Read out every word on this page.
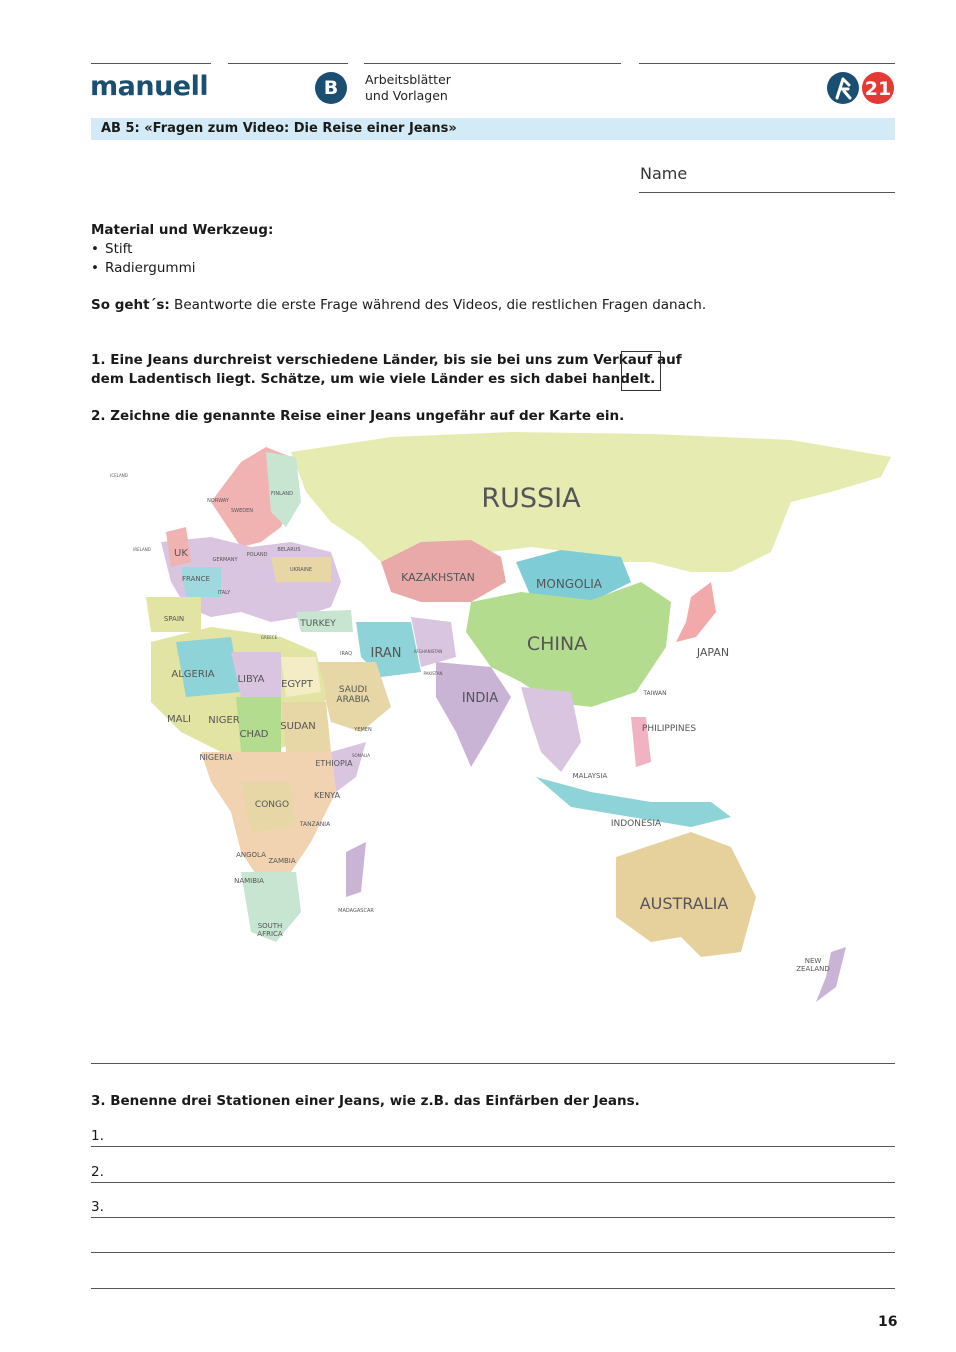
manuell	B	Arbeitsblätter
und Vorlagen	21
AB 5: «Fragen zum Video: Die Reise einer Jeans»
Name
Material und Werkzeug:
• Stift
• Radiergummi
So geht´s: Beantworte die erste Frage während des Videos, die restlichen Fragen danach.
1. Eine Jeans durchreist verschiedene Länder, bis sie bei uns zum Verkauf auf
dem Ladentisch liegt. Schätze, um wie viele Länder es sich dabei handelt.
2. Zeichne die genannte Reise einer Jeans ungefähr auf der Karte ein.
RUSSIA
KAZAKHSTAN	MONGOLIA
CHINA	JAPAN
IRAN
INDIA
TURKEY
SAUDI
ARABIA
EGYPT
LIBYA
ALGERIA
MALI NIGER
CHAD
SUDAN
NIGERIA
ETHIOPIA
KENYA
CONGO
TANZANIA
ANGOLA
ZAMBIA
NAMIBIA
SOUTH
AFRICA
MADAGASCAR	AUSTRALIA
NEW
ZEALAND
INDONESIA
PHILIPPINES
MALAYSIA
TAIWAN
UK
FRANCE
SPAIN
GERMANY
POLAND
UKRAINE
FINLAND
NORWAY
SWEDEN
ITALY
ICELAND
IRELAND	BELARUS
GREECE
IRAQ	AFGHANISTAN
PAKISTAN
YEMEN
SOMALIA
3. Benenne drei Stationen einer Jeans, wie z.B. das Einfärben der Jeans.
1.
2.
3.
16
